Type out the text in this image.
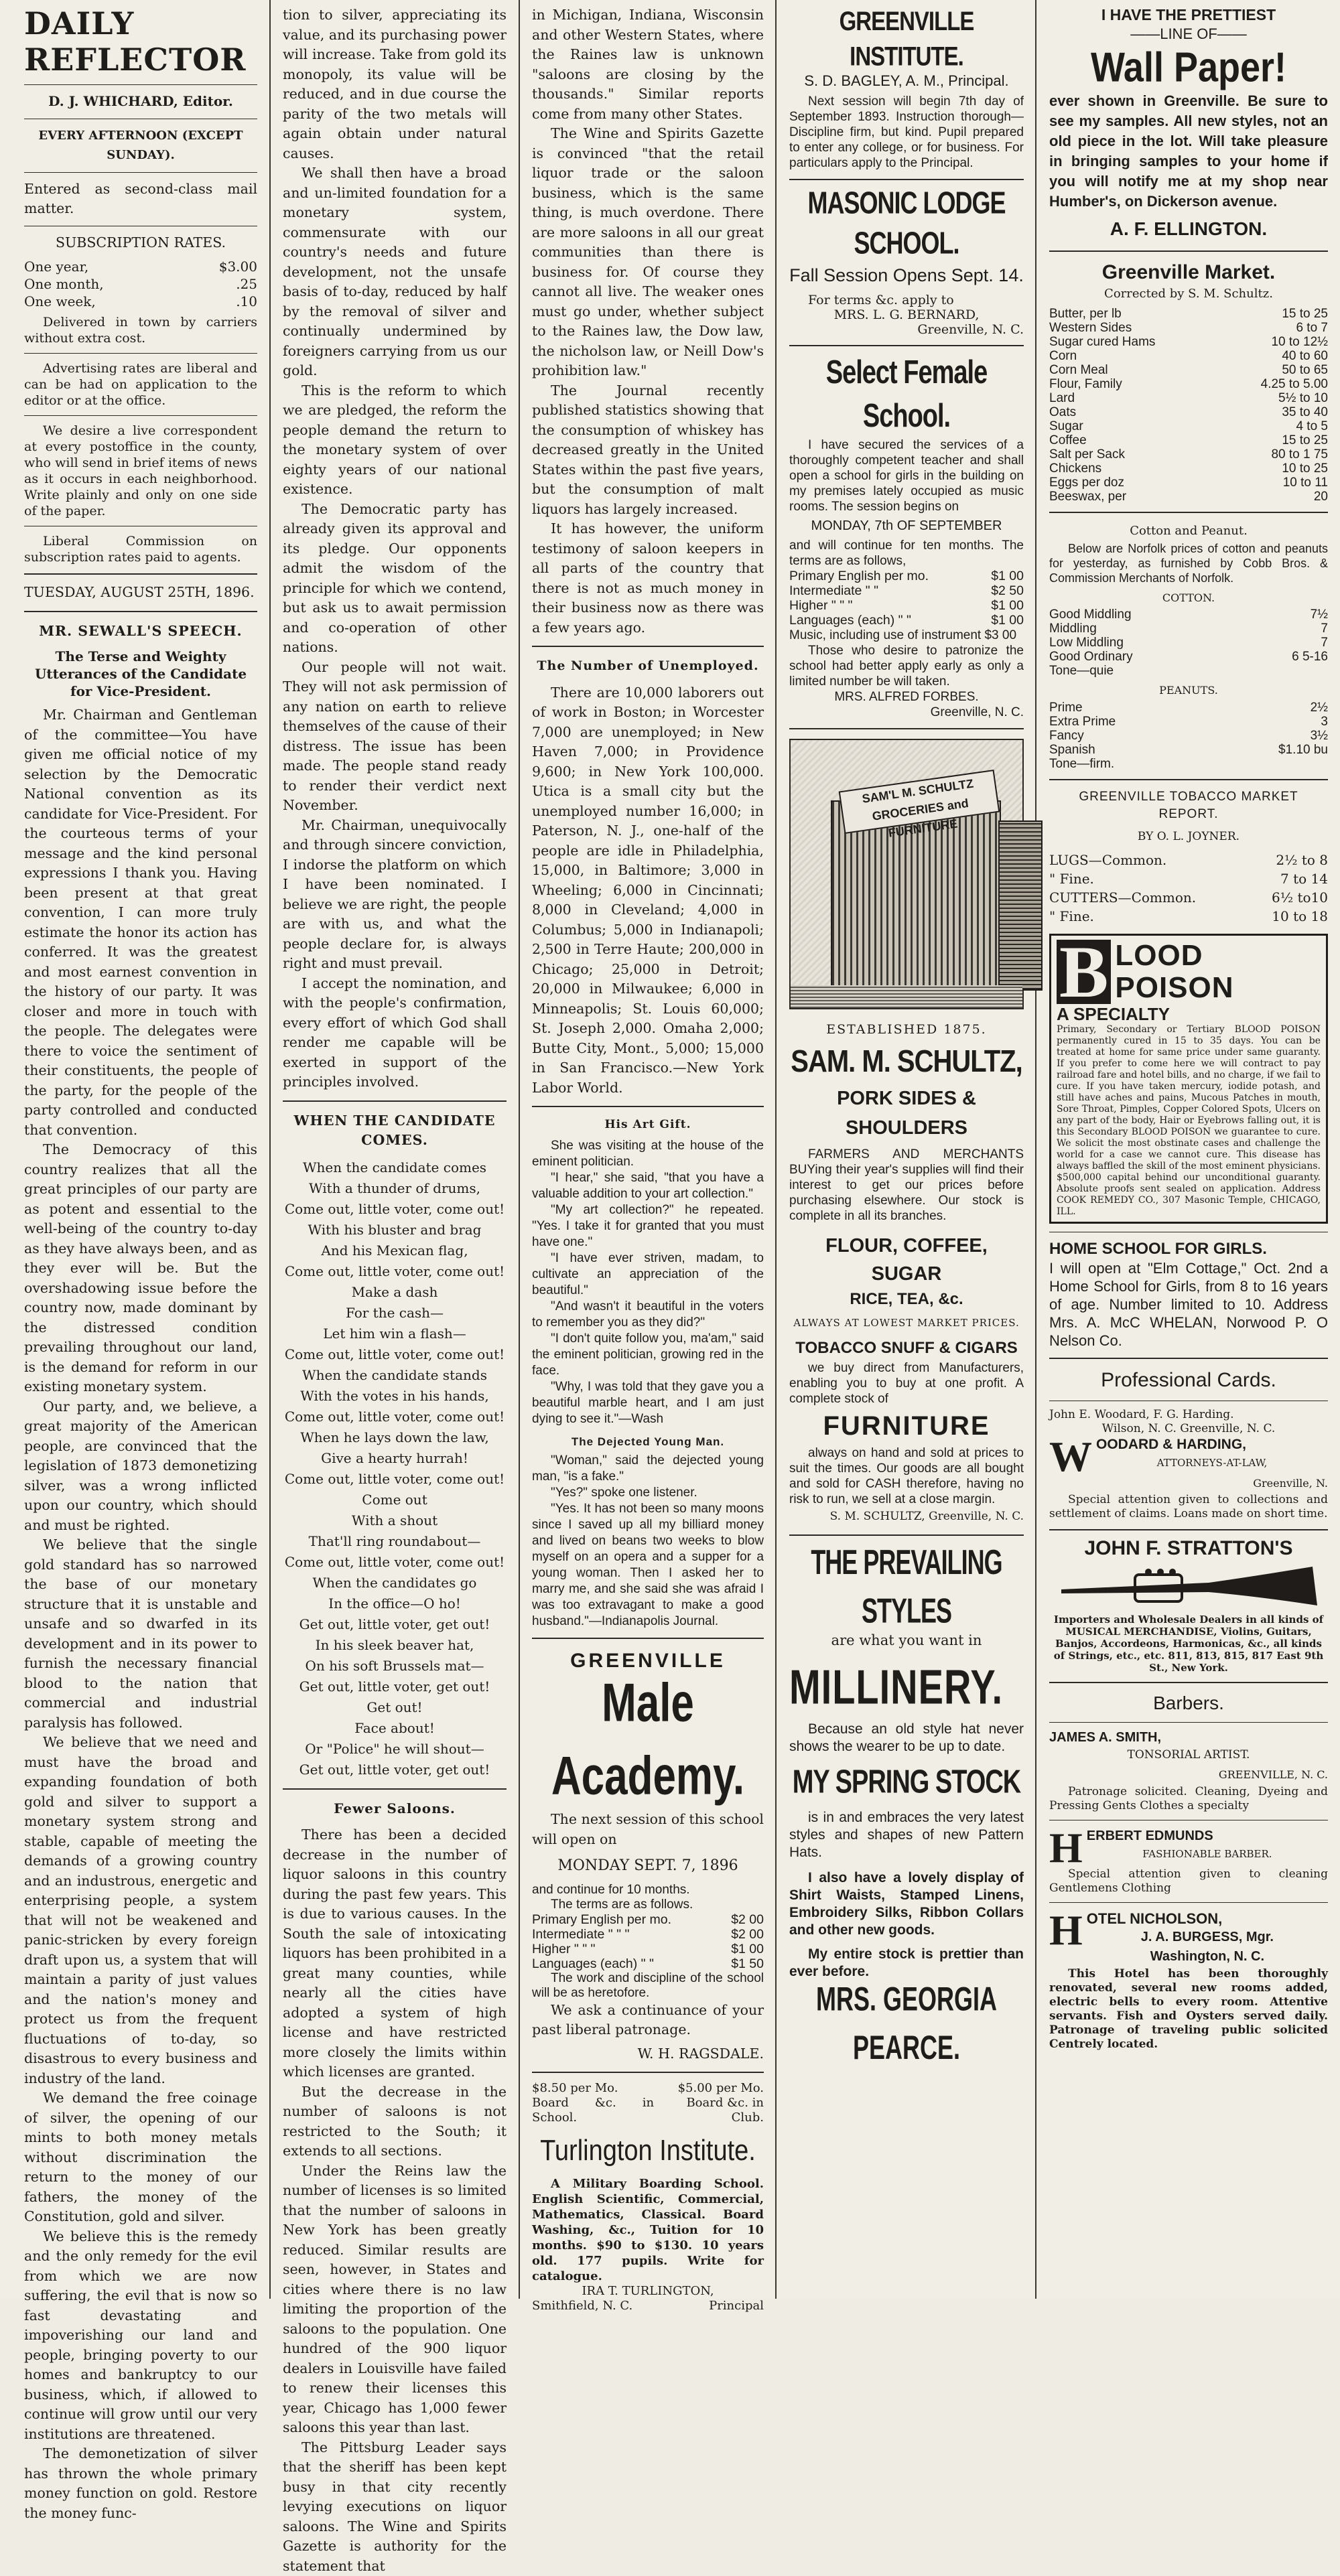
DAILY REFLECTOR
D. J. WHICHARD, Editor.
EVERY AFTERNOON (EXCEPT SUNDAY).

Entered as second-class mail matter.

SUBSCRIPTION RATES.
One year,	$3.00
One month,	.25
One week,	.10

Delivered in town by carriers without extra cost.

Advertising rates are liberal and can be had on application to the editor or at the office.

We desire a live correspondent at every postoffice in the county, who will send in brief items of news as it occurs in each neighborhood. Write plainly and only on one side of the paper.

Liberal Commission on subscription rates paid to agents.

TUESDAY, AUGUST 25TH, 1896.

MR. SEWALL'S SPEECH.
The Terse and Weighty Utterances of the Candidate for Vice-President.

Mr. Chairman and Gentleman of the committee—You have given me official notice of my selection by the Democratic National convention as its candidate for Vice-President. For the courteous terms of your message and the kind personal expressions I thank you. Having been present at that great convention, I can more truly estimate the honor its action has conferred. It was the greatest and most earnest convention in the history of our party. It was closer and more in touch with the people. The delegates were there to voice the sentiment of their constituents, the people of the party, for the people of the party controlled and conducted that convention.

The Democracy of this country realizes that all the great principles of our party are as potent and essential to the well-being of the country to-day as they have always been, and as they ever will be. But the overshadowing issue before the country now, made dominant by the distressed condition prevailing throughout our land, is the demand for reform in our existing monetary system.

Our party, and, we believe, a great majority of the American people, are convinced that the legislation of 1873 demonetizing silver, was a wrong inflicted upon our country, which should and must be righted.

We believe that the single gold standard has so narrowed the base of our monetary structure that it is unstable and unsafe and so dwarfed in its development and in its power to furnish the necessary financial blood to the nation that commercial and industrial paralysis has followed.

We believe that we need and must have the broad and expanding foundation of both gold and silver to support a monetary system strong and stable, capable of meeting the demands of a growing country and an industrous, energetic and enterprising people, a system that will not be weakened and panic-stricken by every foreign draft upon us, a system that will maintain a parity of just values and the nation's money and protect us from the frequent fluctuations of to-day, so disastrous to every business and industry of the land.

We demand the free coinage of silver, the opening of our mints to both money metals without discrimination the return to the money of our fathers, the money of the Constitution, gold and silver.

We believe this is the remedy and the only remedy for the evil from which we are now suffering, the evil that is now so fast devastating and impoverishing our land and people, bringing poverty to our homes and bankruptcy to our business, which, if allowed to continue will grow until our very institutions are threatened.

The demonetization of silver has thrown the whole primary money function on gold. Restore the money func-

tion to silver, appreciating its value, and its purchasing power will increase. Take from gold its monopoly, its value will be reduced, and in due course the parity of the two metals will again obtain under natural causes.

We shall then have a broad and un-limited foundation for a monetary system, commensurate with our country's needs and future development, not the unsafe basis of to-day, reduced by half by the removal of silver and continually undermined by foreigners carrying from us our gold.

This is the reform to which we are pledged, the reform the people demand the return to the monetary system of over eighty years of our national existence.

The Democratic party has already given its approval and its pledge. Our opponents admit the wisdom of the principle for which we contend, but ask us to await permission and co-operation of other nations.

Our people will not wait. They will not ask permission of any nation on earth to relieve themselves of the cause of their distress. The issue has been made. The people stand ready to render their verdict next November.

Mr. Chairman, unequivocally and through sincere conviction, I indorse the platform on which I have been nominated. I believe we are right, the people are with us, and what the people declare for, is always right and must prevail.

I accept the nomination, and with the people's confirmation, every effort of which God shall render me capable will be exerted in support of the principles involved.

WHEN THE CANDIDATE COMES.
When the candidate comes
With a thunder of drums,
Come out, little voter, come out!
With his bluster and brag
And his Mexican flag,
Come out, little voter, come out!
Make a dash
For the cash—
Let him win a flash—
Come out, little voter, come out!
When the candidate stands
With the votes in his hands,
Come out, little voter, come out!
When he lays down the law,
Give a hearty hurrah!
Come out, little voter, come out!
Come out
With a shout
That'll ring roundabout—
Come out, little voter, come out!
When the candidates go
In the office—O ho!
Get out, little voter, get out!
In his sleek beaver hat,
On his soft Brussels mat—
Get out, little voter, get out!
Get out!
Face about!
Or "Police" he will shout—
Get out, little voter, get out!
Fewer Saloons.

There has been a decided decrease in the number of liquor saloons in this country during the past few years. This is due to various causes. In the South the sale of intoxicating liquors has been prohibited in a great many counties, while nearly all the cities have adopted a system of high license and have restricted more closely the limits within which licenses are granted.

But the decrease in the number of saloons is not restricted to the South; it extends to all sections.

Under the Reins law the number of licenses is so limited that the number of saloons in New York has been greatly reduced. Similar results are seen, however, in States and cities where there is no law limiting the proportion of the saloons to the population. One hundred of the 900 liquor dealers in Louisville have failed to renew their licenses this year, Chicago has 1,000 fewer saloons this year than last.

The Pittsburg Leader says that the sheriff has been kept busy in that city recently levying executions on liquor saloons. The Wine and Spirits Gazette is authority for the statement that

in Michigan, Indiana, Wisconsin and other Western States, where the Raines law is unknown "saloons are closing by the thousands." Similar reports come from many other States.

The Wine and Spirits Gazette is convinced "that the retail liquor trade or the saloon business, which is the same thing, is much overdone. There are more saloons in all our great communities than there is business for. Of course they cannot all live. The weaker ones must go under, whether subject to the Raines law, the Dow law, the nicholson law, or Neill Dow's prohibition law."

The Journal recently published statistics showing that the consumption of whiskey has decreased greatly in the United States within the past five years, but the consumption of malt liquors has largely increased.

It has however, the uniform testimony of saloon keepers in all parts of the country that there is not as much money in their business now as there was a few years ago.

The Number of Unemployed.

There are 10,000 laborers out of work in Boston; in Worcester 7,000 are unemployed; in New Haven 7,000; in Providence 9,600; in New York 100,000. Utica is a small city but the unemployed number 16,000; in Paterson, N. J., one-half of the people are idle in Philadelphia, 15,000, in Baltimore; 3,000 in Wheeling; 6,000 in Cincinnati; 8,000 in Cleveland; 4,000 in Columbus; 5,000 in Indianapoli; 2,500 in Terre Haute; 200,000 in Chicago; 25,000 in Detroit; 20,000 in Milwaukee; 6,000 in Minneapolis; St. Louis 60,000; St. Joseph 2,000. Omaha 2,000; Butte City, Mont., 5,000; 15,000 in San Francisco.—New York Labor World.

His Art Gift.

She was visiting at the house of the eminent politician.

"I hear," she said, "that you have a valuable addition to your art collection."

"My art collection?" he repeated. "Yes. I take it for granted that you must have one."

"I have ever striven, madam, to cultivate an appreciation of the beautiful."

"And wasn't it beautiful in the voters to remember you as they did?"

"I don't quite follow you, ma'am," said the eminent politician, growing red in the face.

"Why, I was told that they gave you a beautiful marble heart, and I am just dying to see it."—Wash

The Dejected Young Man.

"Woman," said the dejected young man, "is a fake."

"Yes?" spoke one listener.

"Yes. It has not been so many moons since I saved up all my billiard money and lived on beans two weeks to blow myself on an opera and a supper for a young woman. Then I asked her to marry me, and she said she was afraid I was too extravagant to make a good husband."—Indianapolis Journal.

GREENVILLE
Male Academy.

The next session of this school will open on

MONDAY SEPT. 7, 1896

and continue for 10 months.

The terms are as follows.

Primary English per mo.	$2 00
Intermediate " " "	$2 00
Higher " " "	$1 00
Languages (each) " "	$1 50

The work and discipline of the school will be as heretofore.

We ask a continuance of your past liberal patronage.

W. H. RAGSDALE.
$8.50 per Mo.
Board &c. in School.
$5.00 per Mo.
Board &c. in Club.
Turlington Institute.

A Military Boarding School. English Scientific, Commercial, Mathematics, Classical. Board Washing, &c., Tuition for 10 months. $90 to $130. 10 years old. 177 pupils. Write for catalogue.

IRA T. TURLINGTON,
Smithfield, N. C.	Principal
GREENVILLE INSTITUTE.
S. D. BAGLEY, A. M., Principal.

Next session will begin 7th day of September 1893. Instruction thorough—Discipline firm, but kind. Pupil prepared to enter any college, or for business. For particulars apply to the Principal.

MASONIC LODGE SCHOOL.
Fall Session Opens Sept. 14.

For terms &c. apply to

MRS. L. G. BERNARD,
Greenville, N. C.
Select Female School.

I have secured the services of a thoroughly competent teacher and shall open a school for girls in the building on my premises lately occupied as music rooms. The session begins on

MONDAY, 7th OF SEPTEMBER

and will continue for ten months. The terms are as follows,

Primary English per mo.	$1 00
Intermediate " "	$2 50
Higher " " "	$1 00
Languages (each) " "	$1 00

Music, including use of instrument $3 00

Those who desire to patronize the school had better apply early as only a limited number be will taken.

MRS. ALFRED FORBES.
Greenville, N. C.
SAM'L M. SCHULTZ GROCERIES and FURNITURE
ESTABLISHED 1875.
SAM. M. SCHULTZ,
PORK SIDES & SHOULDERS

FARMERS AND MERCHANTS BUYing their year's supplies will find their interest to get our prices before purchasing elsewhere. Our stock is complete in all its branches.

FLOUR, COFFEE, SUGAR
RICE, TEA, &c.
ALWAYS AT LOWEST MARKET PRICES.
TOBACCO SNUFF & CIGARS

we buy direct from Manufacturers, enabling you to buy at one profit. A complete stock of

FURNITURE

always on hand and sold at prices to suit the times. Our goods are all bought and sold for CASH therefore, having no risk to run, we sell at a close margin.

S. M. SCHULTZ, Greenville, N. C.
THE PREVAILING STYLES
are what you want in
MILLINERY.

Because an old style hat never shows the wearer to be up to date.

MY SPRING STOCK

is in and embraces the very latest styles and shapes of new Pattern Hats.

I also have a lovely display of Shirt Waists, Stamped Linens, Embroidery Silks, Ribbon Collars and other new goods.

My entire stock is prettier than ever before.

MRS. GEORGIA PEARCE.
I HAVE THE PRETTIEST
——LINE OF——
Wall Paper!

ever shown in Greenville. Be sure to see my samples. All new styles, not an old piece in the lot. Will take pleasure in bringing samples to your home if you will notify me at my shop near Humber's, on Dickerson avenue.

A. F. ELLINGTON.
Greenville Market.
Corrected by S. M. Schultz.
Butter, per lb	15 to 25
Western Sides	6 to 7
Sugar cured Hams	10 to 12½
Corn	40 to 60
Corn Meal	50 to 65
Flour, Family	4.25 to 5.00
Lard	5½ to 10
Oats	35 to 40
Sugar	4 to 5
Coffee	15 to 25
Salt per Sack	80 to 1 75
Chickens	10 to 25
Eggs per doz	10 to 11
Beeswax, per	20
Cotton and Peanut.

Below are Norfolk prices of cotton and peanuts for yesterday, as furnished by Cobb Bros. & Commission Merchants of Norfolk.

COTTON.
Good Middling	7½
Middling	7
Low Middling	7
Good Ordinary	6 5-16
Tone—quie	
PEANUTS.
Prime	2½
Extra Prime	3
Fancy	3½
Spanish	$1.10 bu
Tone—firm.	
GREENVILLE TOBACCO MARKET REPORT.
BY O. L. JOYNER.
LUGS—Common.	2½ to 8
" Fine.	7 to 14
CUTTERS—Common.	6½ to10
" Fine.	10 to 18
B LOOD POISON
A SPECIALTY
Primary, Secondary or Tertiary BLOOD POISON permanently cured in 15 to 35 days. You can be treated at home for same price under same guaranty. If you prefer to come here we will contract to pay railroad fare and hotel bills, and no charge, if we fail to cure. If you have taken mercury, iodide potash, and still have aches and pains, Mucous Patches in mouth, Sore Throat, Pimples, Copper Colored Spots, Ulcers on any part of the body, Hair or Eyebrows falling out, it is this Secondary BLOOD POISON we guarantee to cure. We solicit the most obstinate cases and challenge the world for a case we cannot cure. This disease has always baffled the skill of the most eminent physicians. $500,000 capital behind our unconditional guaranty. Absolute proofs sent sealed on application. Address COOK REMEDY CO., 307 Masonic Temple, CHICAGO, ILL.
HOME SCHOOL FOR GIRLS.

I will open at "Elm Cottage," Oct. 2nd a Home School for Girls, from 8 to 16 years of age. Number limited to 10. Address Mrs. A. McC WHELAN, Norwood P. O Nelson Co.

Professional Cards.
John E. Woodard, F. G. Harding.
Wilson, N. C. Greenville, N. C.
W OODARD & HARDING,
ATTORNEYS-AT-LAW,
Greenville, N.

Special attention given to collections and settlement of claims. Loans made on short time.

JOHN F. STRATTON'S
Importers and Wholesale Dealers in all kinds of MUSICAL MERCHANDISE, Violins, Guitars, Banjos, Accordeons, Harmonicas, &c., all kinds of Strings, etc., etc. 811, 813, 815, 817 East 9th St., New York.
Barbers.
JAMES A. SMITH,
TONSORIAL ARTIST.
GREENVILLE, N. C.

Patronage solicited. Cleaning, Dyeing and Pressing Gents Clothes a specialty

H ERBERT EDMUNDS
FASHIONABLE BARBER.

Special attention given to cleaning Gentlemens Clothing

H OTEL NICHOLSON,
J. A. BURGESS, Mgr.
Washington, N. C.

This Hotel has been thoroughly renovated, several new rooms added, electric bells to every room. Attentive servants. Fish and Oysters served daily. Patronage of traveling public solicited Centrely located.
